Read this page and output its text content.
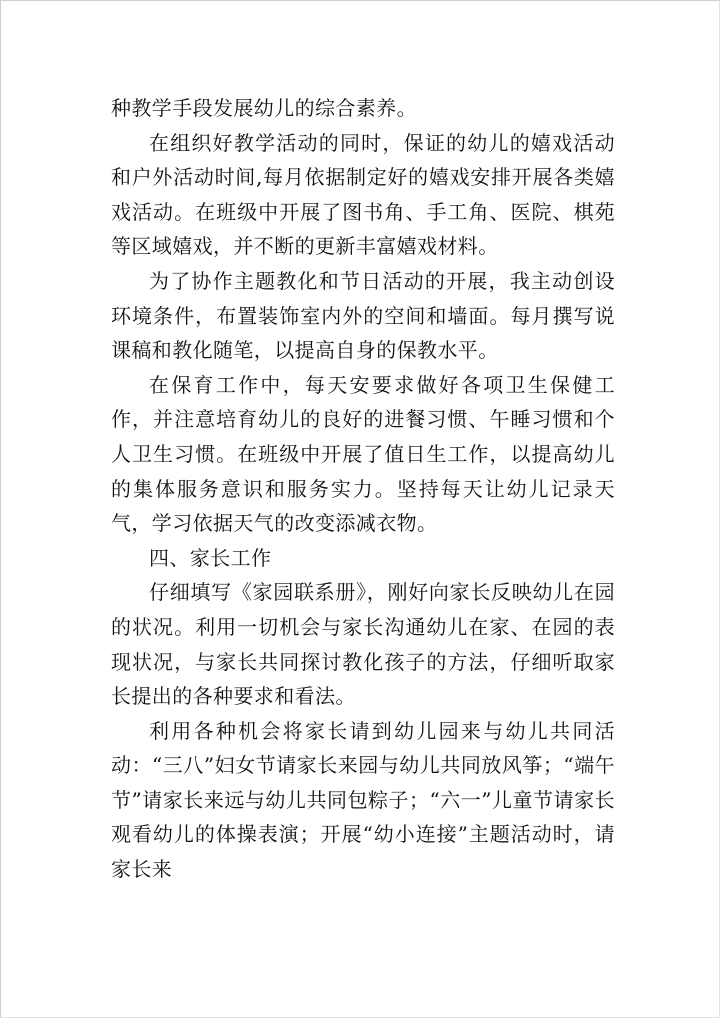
种教学手段发展幼儿的综合素养。

在组织好教学活动的同时，保证的幼儿的嬉戏活动和户外活动时间,每月依据制定好的嬉戏安排开展各类嬉戏活动。在班级中开展了图书角、手工角、医院、棋苑等区域嬉戏，并不断的更新丰富嬉戏材料。

为了协作主题教化和节日活动的开展，我主动创设环境条件，布置装饰室内外的空间和墙面。每月撰写说课稿和教化随笔，以提高自身的保教水平。

在保育工作中，每天安要求做好各项卫生保健工作，并注意培育幼儿的良好的进餐习惯、午睡习惯和个人卫生习惯。在班级中开展了值日生工作，以提高幼儿的集体服务意识和服务实力。坚持每天让幼儿记录天气，学习依据天气的改变添减衣物。

四、家长工作

仔细填写《家园联系册》，刚好向家长反映幼儿在园的状况。利用一切机会与家长沟通幼儿在家、在园的表现状况，与家长共同探讨教化孩子的方法，仔细听取家长提出的各种要求和看法。

利用各种机会将家长请到幼儿园来与幼儿共同活动：“三八”妇女节请家长来园与幼儿共同放风筝；“端午节”请家长来远与幼儿共同包粽子；“六一”儿童节请家长观看幼儿的体操表演；开展“幼小连接”主题活动时，请家长来
